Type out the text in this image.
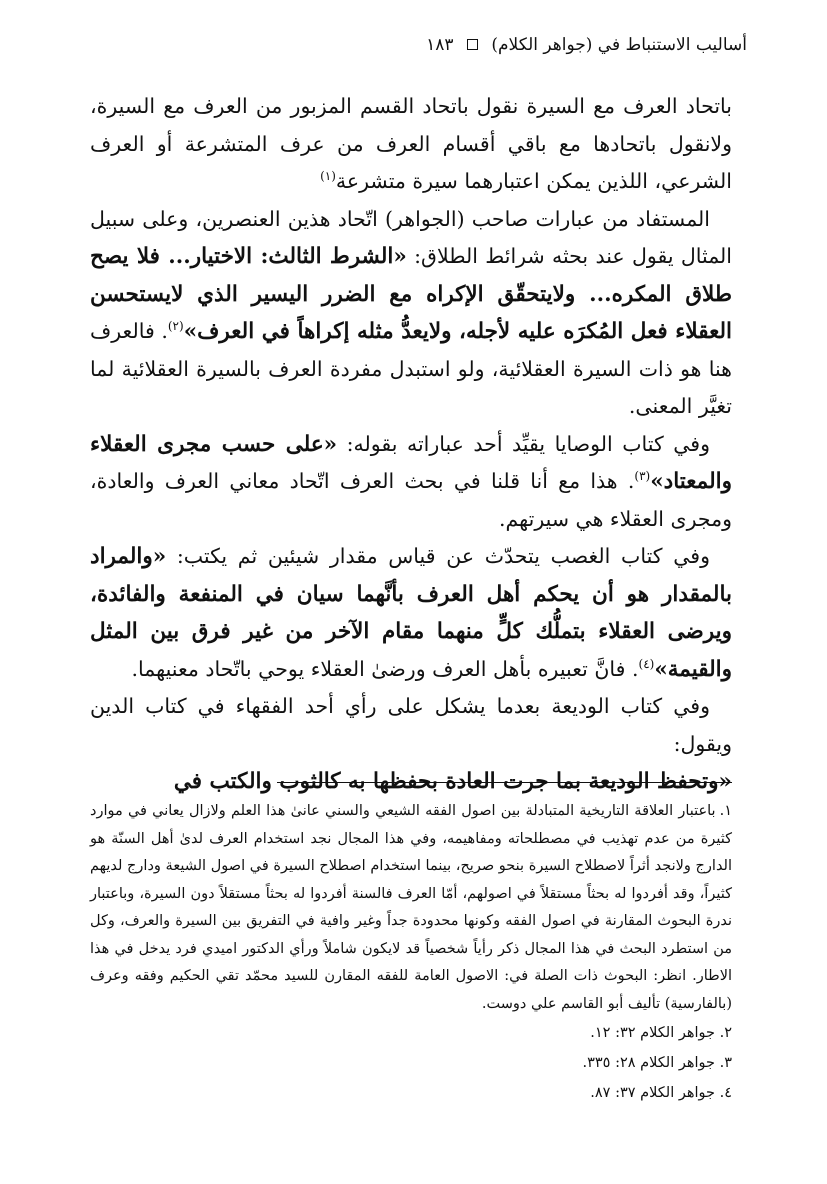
أساليب الاستنباط في (جواهر الكلام)  ١٨٣

باتحاد العرف مع السيرة نقول باتحاد القسم المزبور من العرف مع السيرة، ولانقول باتحادها مع باقي أقسام العرف من عرف المتشرعة أو العرف الشرعي، اللذين يمكن اعتبارهما سيرة متشرعة$^{(١)}$

المستفاد من عبارات صاحب (الجواهر) اتّحاد هذين العنصرين، وعلى سبيل المثال يقول عند بحثه شرائط الطلاق: «الشرط الثالث: الاختيار... فلا يصح طلاق المكره... ولايتحقّق الإكراه مع الضرر اليسير الذي لايستحسن العقلاء فعل المُكرَه عليه لأجله، ولايعدُّ مثله إكراهاً في العرف»$^{(٢)}$. فالعرف هنا هو ذات السيرة العقلائية، ولو استبدل مفردة العرف بالسيرة العقلائية لما تغيَّر المعنى.

وفي كتاب الوصايا يقيِّد أحد عباراته بقوله: «على حسب مجرى العقلاء والمعتاد»$^{(٣)}$. هذا مع أنا قلنا في بحث العرف اتّحاد معاني العرف والعادة، ومجرى العقلاء هي سيرتهم.

وفي كتاب الغصب يتحدّث عن قياس مقدار شيئين ثم يكتب: «والمراد بالمقدار هو أن يحكم أهل العرف بأنَّهما سيان في المنفعة والفائدة، ويرضى العقلاء بتملُّك كلٍّ منهما مقام الآخر من غير فرق بين المثل والقيمة»$^{(٤)}$. فانَّ تعبيره بأهل العرف ورضىٰ العقلاء يوحي باتّحاد معنيهما.

وفي كتاب الوديعة بعدما يشكل على رأي أحد الفقهاء في كتاب الدين ويقول:

«وتحفظ الوديعة بما جرت العادة بحفظها به كالثوب والكتب في

١.باعتبار العلاقة التاريخية المتبادلة بين اصول الفقه الشيعي والسني عانىٰ هذا العلم ولازال يعاني في موارد كثيرة من عدم تهذيب في مصطلحاته ومفاهيمه، وفي هذا المجال نجد استخدام العرف لدىٰ أهل السنّة هو الدارج ولانجد أثراً لاصطلاح السيرة بنحو صريح، بينما استخدام اصطلاح السيرة في اصول الشيعة ودارج لديهم كثيراً، وقد أفردوا له بحثاً مستقلاً في اصولهم، أمّا العرف فالسنة أفردوا له بحثاً مستقلاً دون السيرة، وباعتبار ندرة البحوث المقارنة في اصول الفقه وكونها محدودة جداً وغير وافية في التفريق بين السيرة والعرف، وكل من استطرد البحث في هذا المجال ذكر رأياً شخصياً قد لايكون شاملاً ورأي الدكتور اميدي فرد يدخل في هذا الاطار. انظر: البحوث ذات الصلة في: الاصول العامة للفقه المقارن للسيد محمّد تقي الحكيم وفقه وعرف (بالفارسية) تأليف أبو القاسم علي دوست.

٢. جواهر الكلام ٣٢: ١٢.

٣. جواهر الكلام ٢٨: ٣٣٥.

٤. جواهر الكلام ٣٧: ٨٧.
